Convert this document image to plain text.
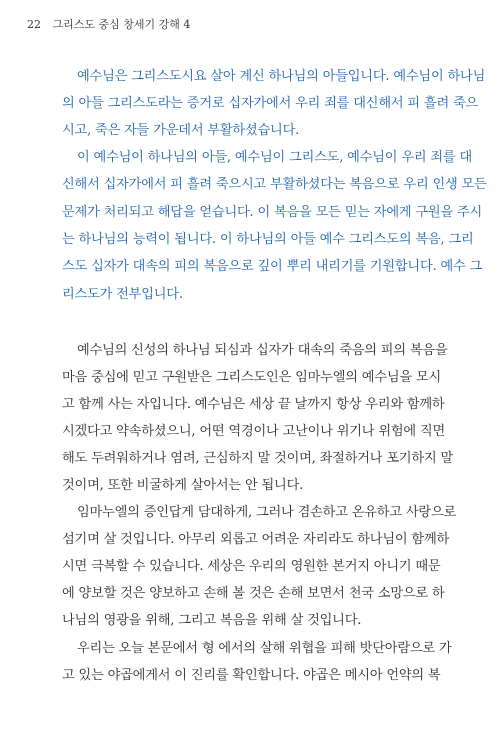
22 그리스도 중심 창세기 강해 4
예수님은 그리스도시요 살아 계신 하나님의 아들입니다. 예수님이 하나님
의 아들 그리스도라는 증거로 십자가에서 우리 죄를 대신해서 피 흘려 죽으
시고, 죽은 자들 가운데서 부활하셨습니다.
이 예수님이 하나님의 아들, 예수님이 그리스도, 예수님이 우리 죄를 대
신해서 십자가에서 피 흘려 죽으시고 부활하셨다는 복음으로 우리 인생 모든
문제가 처리되고 해답을 얻습니다. 이 복음을 모든 믿는 자에게 구원을 주시
는 하나님의 능력이 됩니다. 이 하나님의 아들 예수 그리스도의 복음, 그리
스도 십자가 대속의 피의 복음으로 깊이 뿌리 내리기를 기원합니다. 예수 그
리스도가 전부입니다.
예수님의 신성의 하나님 되심과 십자가 대속의 죽음의 피의 복음을
마음 중심에 믿고 구원받은 그리스도인은 임마누엘의 예수님을 모시
고 함께 사는 자입니다. 예수님은 세상 끝 날까지 항상 우리와 함께하
시겠다고 약속하셨으니, 어떤 역경이나 고난이나 위기나 위험에 직면
해도 두려워하거나 염려, 근심하지 말 것이며, 좌절하거나 포기하지 말
것이며, 또한 비굴하게 살아서는 안 됩니다.
임마누엘의 증인답게 담대하게, 그러나 겸손하고 온유하고 사랑으로
섬기며 살 것입니다. 아무리 외롭고 어려운 자리라도 하나님이 함께하
시면 극복할 수 있습니다. 세상은 우리의 영원한 본거지 아니기 때문
에 양보할 것은 양보하고 손해 볼 것은 손해 보면서 천국 소망으로 하
나님의 영광을 위해, 그리고 복음을 위해 살 것입니다.
우리는 오늘 본문에서 형 에서의 살해 위협을 피해 밧단아람으로 가
고 있는 야곱에게서 이 진리를 확인합니다. 야곱은 메시아 언약의 복
